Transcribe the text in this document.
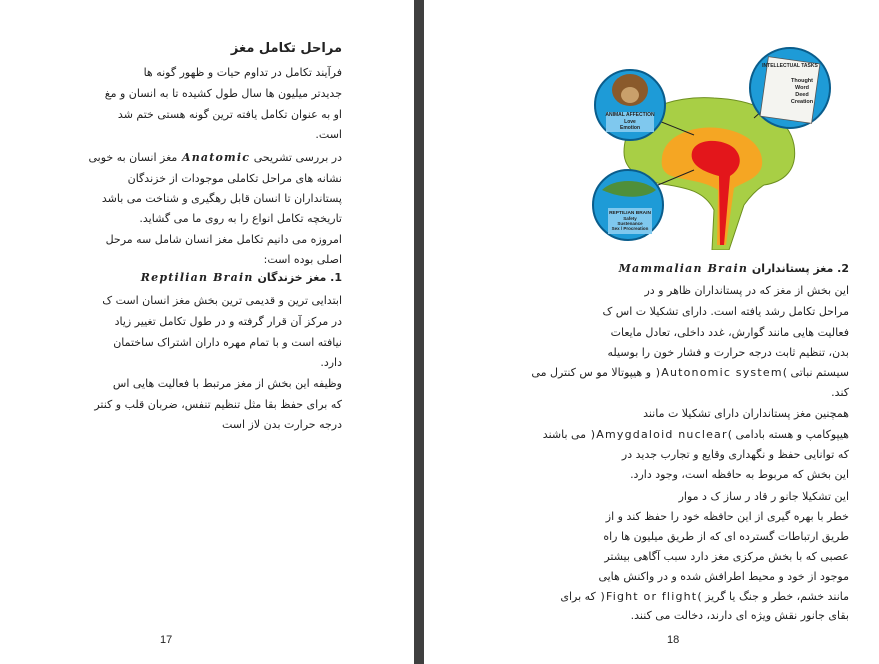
مراحل تکامل مغز
فرآیند تکامل در تداوم حیات و ظهور گونه ها
جدیدتر میلیون ها سال طول کشیده تا به انسان و مغ
او به عنوان تکامل یافته ترین گونه هستی ختم شد
است.
در بررسی تشریحی Anatomic مغز انسان به خوبی
نشانه های مراحل تکاملی موجودات از خزندگان
پستانداران تا انسان قابل رهگیری و شناخت می باشد
تاریخچه تکامل انواع را به روی ما می گشاید.
امروزه می دانیم تکامل مغز انسان شامل سه مرحل
اصلی بوده است:
1. مغز خزندگان Reptilian Brain
ابتدایی ترین و قدیمی ترین بخش مغز انسان است ک
در مرکز آن قرار گرفته و در طول تکامل تغییر زیاد
نیافته است و با تمام مهره داران اشتراک ساختمان
دارد.
وظیفه این بخش از مغز مرتبط با فعالیت هایی اس
که برای حفظ بقا مثل تنظیم تنفس، ضربان قلب و کنتر
درجه حرارت بدن لاز است
17
INTELLECTUAL TASKS
Thought
Word
Deed
Creation
ANIMAL AFFECTION
Love
Emotion
REPTILIAN BRAIN
Safety
Sustenance
Sex / Procreation
2. مغز پستانداران Mammalian Brain
این بخش از مغز که در پستانداران ظاهر و در
مراحل تکامل رشد یافته است. دارای تشکیلا ت اس ک
فعالیت هایی مانند گوارش، غدد داخلی، تعادل مایعات
بدن، تنظیم ثابت درجه حرارت و فشار خون را بوسیله
سیستم نباتی )Autonomic system( و هیپوتالا مو س کنترل می
کند.
همچنین مغز پستانداران دارای تشکیلا ت مانند
هیپوکامپ و هسته بادامی )Amygdaloid nuclear( می باشند
که توانایی حفظ و نگهداری وقایع و تجارب جدید در
این بخش که مربوط به حافظه است، وجود دارد.
این تشکیلا جانو ر قاد ر ساز ک د موار
خطر با بهره گیری از این حافظه خود را حفظ کند و از
طریق ارتباطات گسترده ای که از طریق میلیون ها راه
عصبی که با بخش مرکزی مغز دارد سبب آگاهی بیشتر
موجود از خود و محیط اطرافش شده و در واکنش هایی
مانند خشم، خطر و جنگ یا گریز )Fight or flight( که برای
بقای جانور نقش ویژه ای دارند، دخالت می کنند.
18
